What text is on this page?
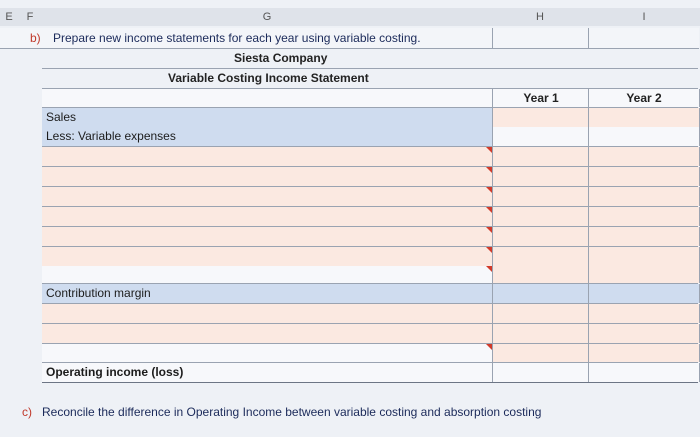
E	F	G	H	I
b) Prepare new income statements for each year using variable costing.
Siesta Company
Variable Costing Income Statement
Year 1	Year 2
Sales
Less: Variable expenses
Contribution margin
Operating income (loss)
c) Reconcile the difference in Operating Income between variable costing and absorption costing
